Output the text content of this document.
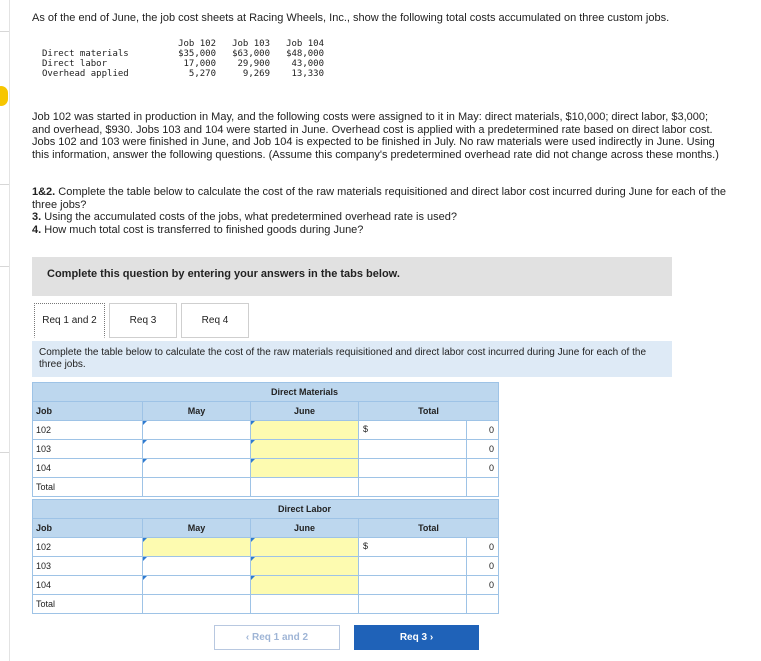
As of the end of June, the job cost sheets at Racing Wheels, Inc., show the following total costs accumulated on three custom jobs.
	Job 102	Job 103	Job 104
Direct materials	$35,000	$63,000	$48,000
Direct labor	17,000	29,900	43,000
Overhead applied	5,270	9,269	13,330
Job 102 was started in production in May, and the following costs were assigned to it in May: direct materials, $10,000; direct labor, $3,000; and overhead, $930. Jobs 103 and 104 were started in June. Overhead cost is applied with a predetermined rate based on direct labor cost. Jobs 102 and 103 were finished in June, and Job 104 is expected to be finished in July. No raw materials were used indirectly in June. Using this information, answer the following questions. (Assume this company's predetermined overhead rate did not change across these months.)
1&2. Complete the table below to calculate the cost of the raw materials requisitioned and direct labor cost incurred during June for each of the three jobs?
3. Using the accumulated costs of the jobs, what predetermined overhead rate is used?
4. How much total cost is transferred to finished goods during June?
Complete this question by entering your answers in the tabs below.
Req 1 and 2	Req 3	Req 4
Complete the table below to calculate the cost of the raw materials requisitioned and direct labor cost incurred during June for each of the three jobs.
	Direct Materials			
Job	May	June	Total	
102			$	0
103				0
104				0
Total			

	Direct Labor			
Job	May	June	Total	
102			$	0
103				0
104				0
Total			

‹ Req 1 and 2	Req 3 ›
